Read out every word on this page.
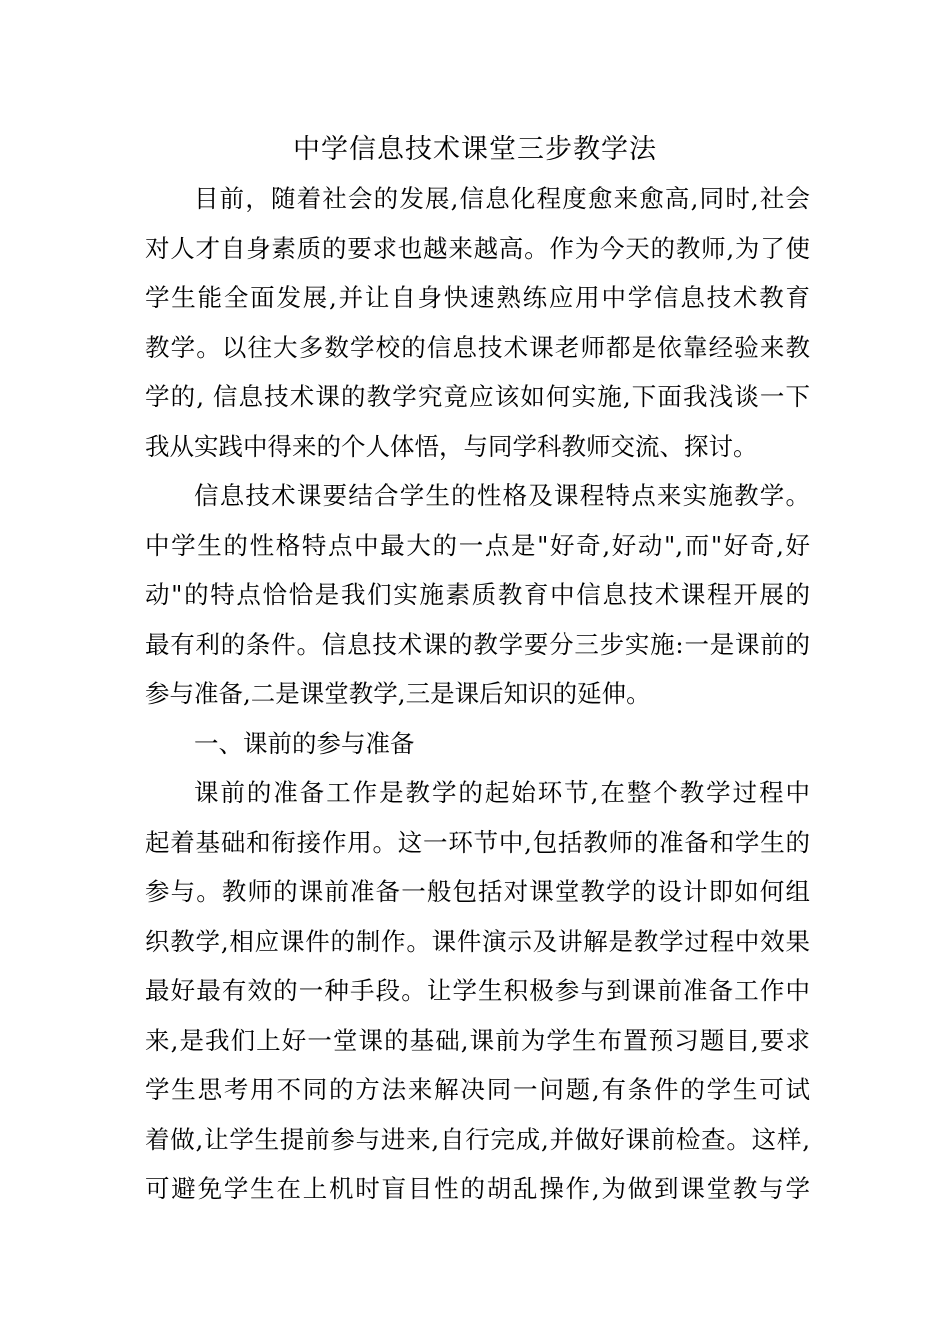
中学信息技术课堂三步教学法
目前，随着社会的发展,信息化程度愈来愈高,同时,社会
对人才自身素质的要求也越来越高。作为今天的教师,为了使
学生能全面发展,并让自身快速熟练应用中学信息技术教育
教学。以往大多数学校的信息技术课老师都是依靠经验来教
学的, 信息技术课的教学究竟应该如何实施,下面我浅谈一下
我从实践中得来的个人体悟，与同学科教师交流、探讨。
信息技术课要结合学生的性格及课程特点来实施教学。
中学生的性格特点中最大的一点是"好奇,好动",而"好奇,好
动"的特点恰恰是我们实施素质教育中信息技术课程开展的
最有利的条件。信息技术课的教学要分三步实施:一是课前的
参与准备,二是课堂教学,三是课后知识的延伸。
一、课前的参与准备
课前的准备工作是教学的起始环节,在整个教学过程中
起着基础和衔接作用。这一环节中,包括教师的准备和学生的
参与。教师的课前准备一般包括对课堂教学的设计即如何组
织教学,相应课件的制作。课件演示及讲解是教学过程中效果
最好最有效的一种手段。让学生积极参与到课前准备工作中
来,是我们上好一堂课的基础,课前为学生布置预习题目,要求
学生思考用不同的方法来解决同一问题,有条件的学生可试
着做,让学生提前参与进来,自行完成,并做好课前检查。这样,
可避免学生在上机时盲目性的胡乱操作,为做到课堂教与学
